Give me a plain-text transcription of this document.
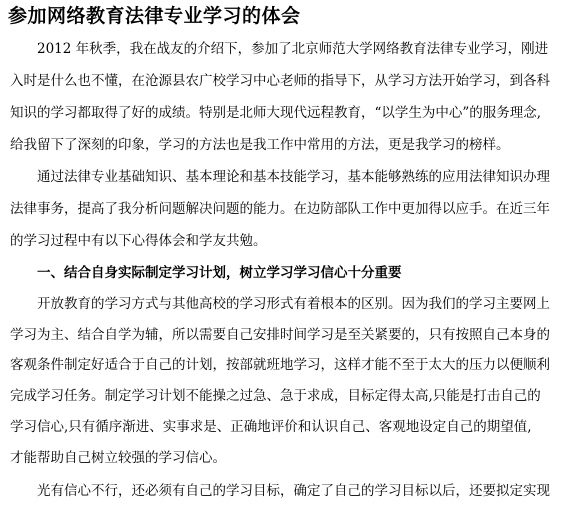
参加网络教育法律专业学习的体会
2012 年秋季，我在战友的介绍下，参加了北京师范大学网络教育法律专业学习，刚进
入时是什么也不懂，在沧源县农广校学习中心老师的指导下，从学习方法开始学习，到各科
知识的学习都取得了好的成绩。特别是北师大现代远程教育，“以学生为中心”的服务理念,
给我留下了深刻的印象，学习的方法也是我工作中常用的方法，更是我学习的榜样。
通过法律专业基础知识、基本理论和基本技能学习，基本能够熟练的应用法律知识办理
法律事务，提高了我分析问题解决问题的能力。在边防部队工作中更加得以应手。在近三年
的学习过程中有以下心得体会和学友共勉。
一、结合自身实际制定学习计划，树立学习学习信心十分重要
开放教育的学习方式与其他高校的学习形式有着根本的区别。因为我们的学习主要网上
学习为主、结合自学为辅，所以需要自己安排时间学习是至关紧要的，只有按照自己本身的
客观条件制定好适合于自己的计划，按部就班地学习，这样才能不至于太大的压力以便顺利
完成学习任务。制定学习计划不能操之过急、急于求成，目标定得太高,只能是打击自己的
学习信心,只有循序渐进、实事求是、正确地评价和认识自己、客观地设定自己的期望值,
才能帮助自己树立较强的学习信心。
光有信心不行，还必须有自己的学习目标，确定了自己的学习目标以后，还要拟定实现
